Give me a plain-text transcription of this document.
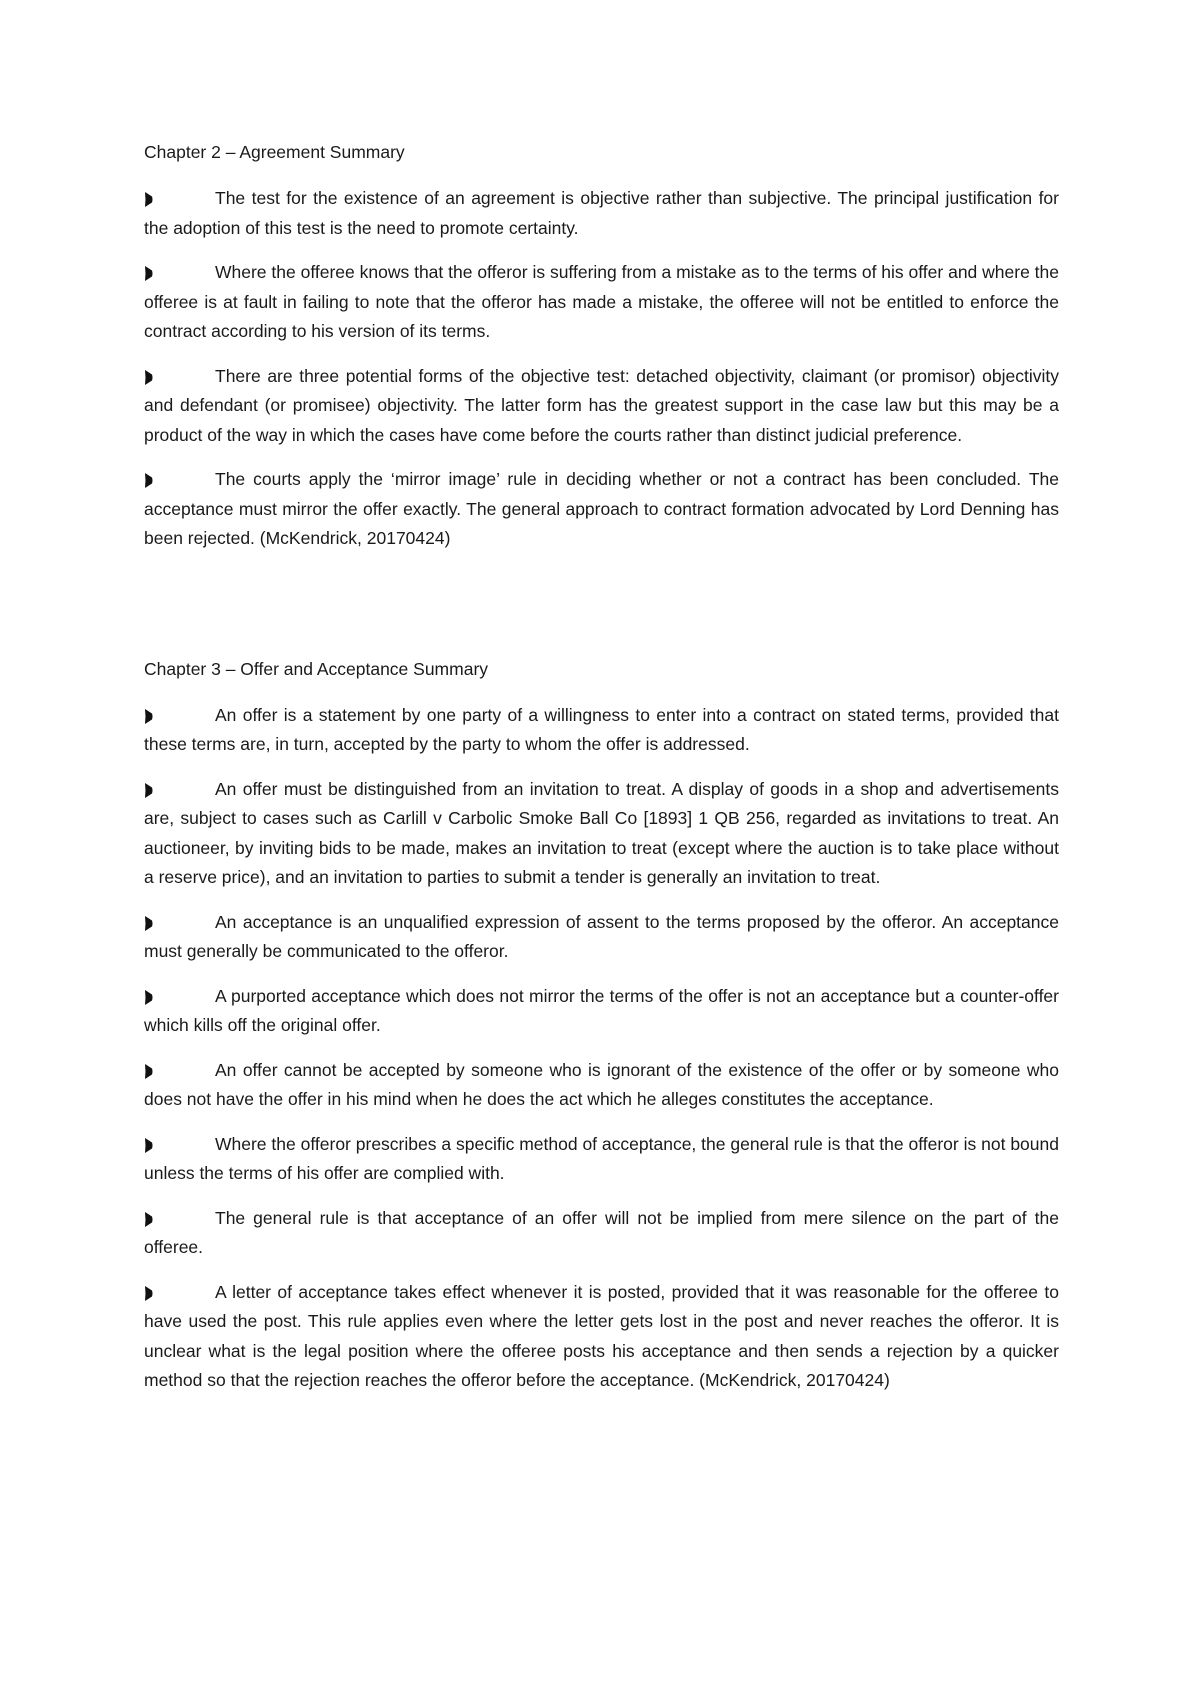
Chapter 2 – Agreement Summary

The test for the existence of an agreement is objective rather than subjective. The principal justification for the adoption of this test is the need to promote certainty.
Where the offeree knows that the offeror is suffering from a mistake as to the terms of his offer and where the offeree is at fault in failing to note that the offeror has made a mistake, the offeree will not be entitled to enforce the contract according to his version of its terms.
There are three potential forms of the objective test: detached objectivity, claimant (or promisor) objectivity and defendant (or promisee) objectivity. The latter form has the greatest support in the case law but this may be a product of the way in which the cases have come before the courts rather than distinct judicial preference.
The courts apply the ‘mirror image’ rule in deciding whether or not a contract has been concluded. The acceptance must mirror the offer exactly. The general approach to contract formation advocated by Lord Denning has been rejected. (McKendrick, 20170424)

Chapter 3 – Offer and Acceptance Summary

An offer is a statement by one party of a willingness to enter into a contract on stated terms, provided that these terms are, in turn, accepted by the party to whom the offer is addressed.
An offer must be distinguished from an invitation to treat. A display of goods in a shop and advertisements are, subject to cases such as Carlill v Carbolic Smoke Ball Co [1893] 1 QB 256, regarded as invitations to treat. An auctioneer, by inviting bids to be made, makes an invitation to treat (except where the auction is to take place without a reserve price), and an invitation to parties to submit a tender is generally an invitation to treat.
An acceptance is an unqualified expression of assent to the terms proposed by the offeror. An acceptance must generally be communicated to the offeror.
A purported acceptance which does not mirror the terms of the offer is not an acceptance but a counter-offer which kills off the original offer.
An offer cannot be accepted by someone who is ignorant of the existence of the offer or by someone who does not have the offer in his mind when he does the act which he alleges constitutes the acceptance.
Where the offeror prescribes a specific method of acceptance, the general rule is that the offeror is not bound unless the terms of his offer are complied with.
The general rule is that acceptance of an offer will not be implied from mere silence on the part of the offeree.
A letter of acceptance takes effect whenever it is posted, provided that it was reasonable for the offeree to have used the post. This rule applies even where the letter gets lost in the post and never reaches the offeror. It is unclear what is the legal position where the offeree posts his acceptance and then sends a rejection by a quicker method so that the rejection reaches the offeror before the acceptance. (McKendrick, 20170424)
